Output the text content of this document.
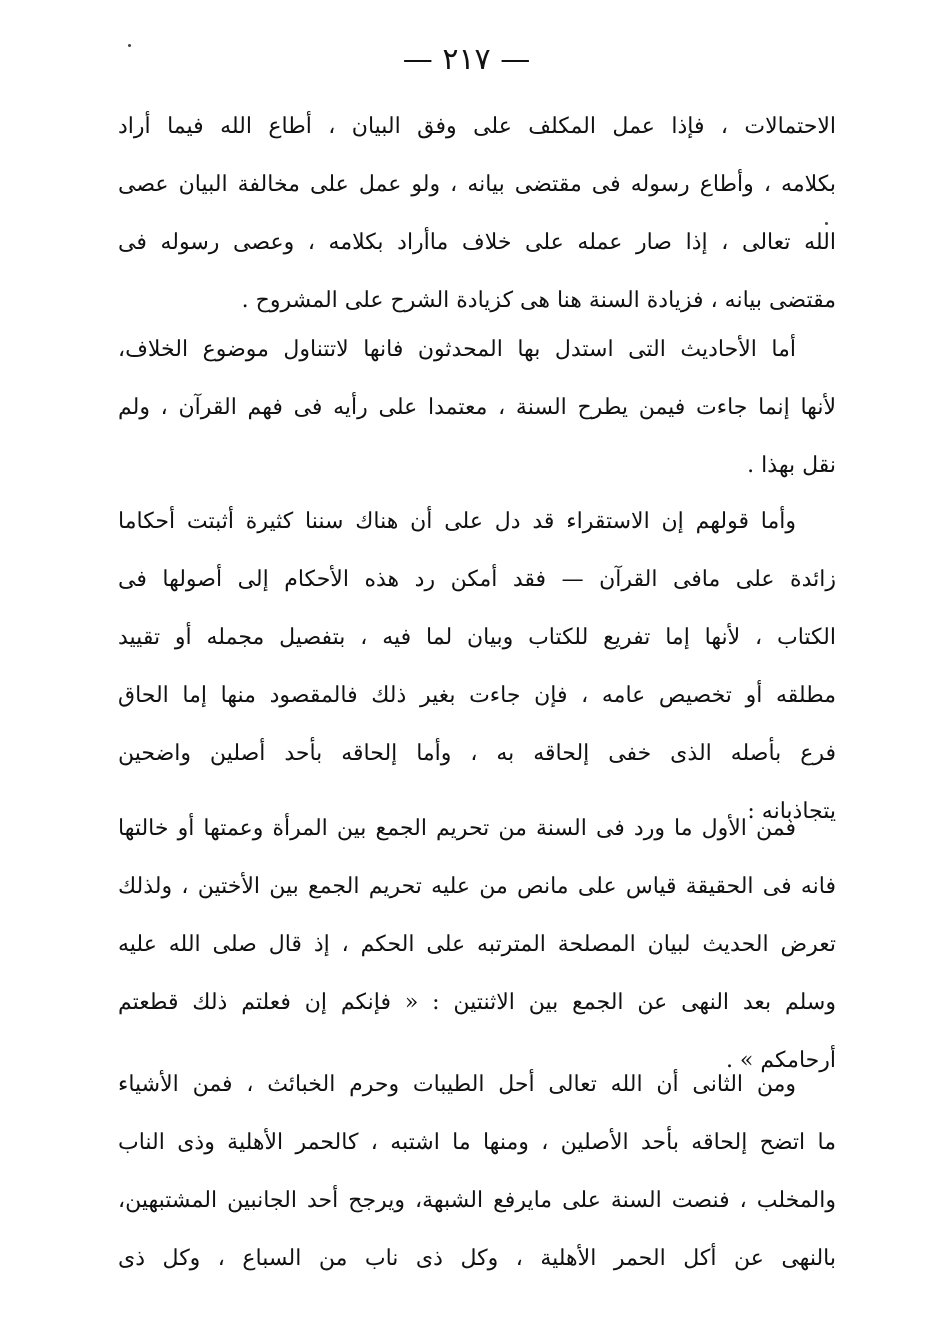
— ٢١٧ —
الاحتمالات ، فإذا عمل المكلف على وفق البيان ، أطاع الله فيما أراد
بكلامه ، وأطاع رسوله فى مقتضى بيانه ، ولو عمل على مخالفة البيان عصى
الله تعالى ، إذا صار عمله على خلاف ماأراد بكلامه ، وعصى رسوله فى
مقتضى بيانه ، فزيادة السنة هنا هى كزيادة الشرح على المشروح .
أما الأحاديث التى استدل بها المحدثون فانها لاتتناول موضوع الخلاف،
لأنها إنما جاءت فيمن يطرح السنة ، معتمدا على رأيه فى فهم القرآن ، ولم
نقل بهذا .
وأما قولهم إن الاستقراء قد دل على أن هناك سننا كثيرة أثبتت أحكاما
زائدة على مافى القرآن — فقد أمكن رد هذه الأحكام إلى أصولها فى
الكتاب ، لأنها إما تفريع للكتاب وبيان لما فيه ، بتفصيل مجمله أو تقييد
مطلقه أو تخصيص عامه ، فإن جاءت بغير ذلك فالمقصود منها إما الحاق
فرع بأصله الذى خفى إلحاقه به ، وأما إلحاقه بأحد أصلين واضحين
يتجاذبانه :
فمن الأول ما ورد فى السنة من تحريم الجمع بين المرأة وعمتها أو خالتها
فانه فى الحقيقة قياس على مانص من عليه تحريم الجمع بين الأختين ، ولذلك
تعرض الحديث لبيان المصلحة المترتبه على الحكم ، إذ قال صلى الله عليه
وسلم بعد النهى عن الجمع بين الاثنتين : « فإنكم إن فعلتم ذلك قطعتم
أرحامكم » .
ومن الثانى أن الله تعالى أحل الطيبات وحرم الخبائث ، فمن الأشياء
ما اتضح إلحاقه بأحد الأصلين ، ومنها ما اشتبه ، كالحمر الأهلية وذى الناب
والمخلب ، فنصت السنة على مايرفع الشبهة، ويرجح أحد الجانبين المشتبهين،
بالنهى عن أكل الحمر الأهلية ، وكل ذى ناب من السباع ، وكل ذى
